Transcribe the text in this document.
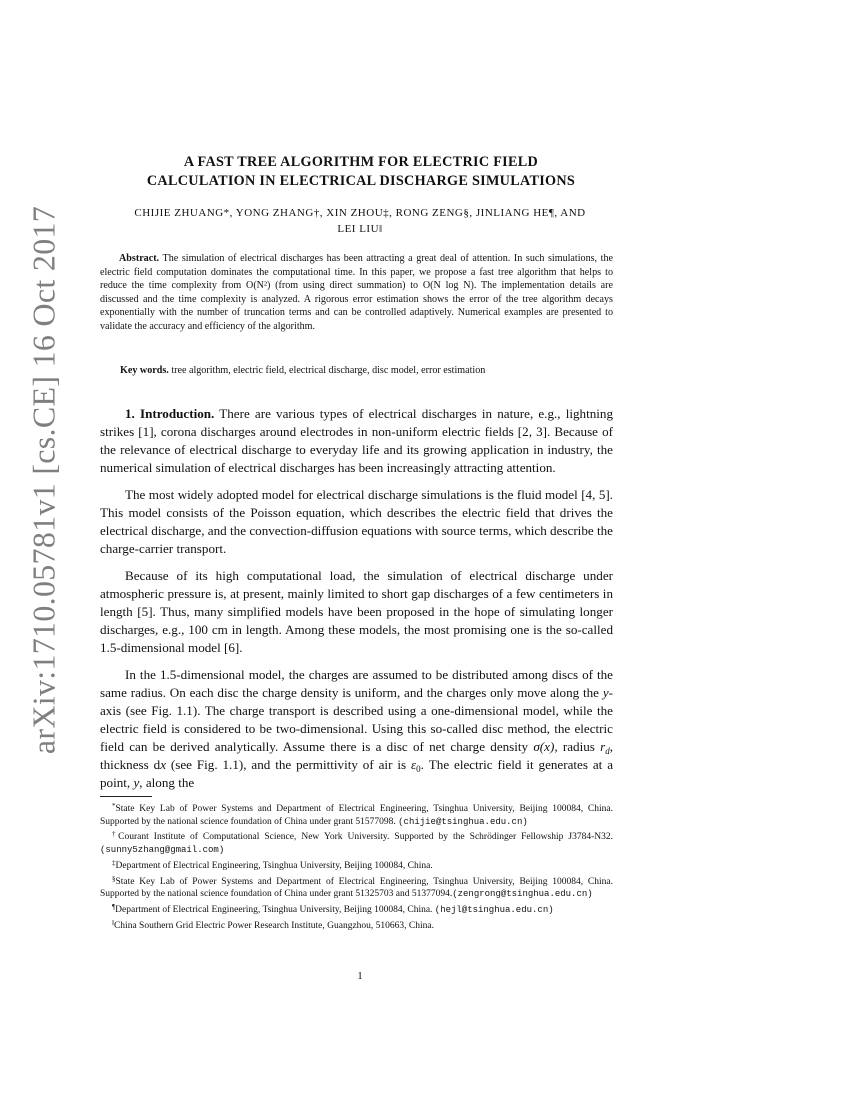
arXiv:1710.05781v1 [cs.CE] 16 Oct 2017
A FAST TREE ALGORITHM FOR ELECTRIC FIELD
CALCULATION IN ELECTRICAL DISCHARGE SIMULATIONS
CHIJIE ZHUANG*, YONG ZHANG†, XIN ZHOU‡, RONG ZENG§, JINLIANG HE¶, AND
LEI LIU‖
Abstract. The simulation of electrical discharges has been attracting a great deal of attention. In such simulations, the electric field computation dominates the computational time. In this paper, we propose a fast tree algorithm that helps to reduce the time complexity from O(N²) (from using direct summation) to O(N log N). The implementation details are discussed and the time complexity is analyzed. A rigorous error estimation shows the error of the tree algorithm decays exponentially with the number of truncation terms and can be controlled adaptively. Numerical examples are presented to validate the accuracy and efficiency of the algorithm.
Key words. tree algorithm, electric field, electrical discharge, disc model, error estimation

1. Introduction. There are various types of electrical discharges in nature, e.g., lightning strikes [1], corona discharges around electrodes in non-uniform electric fields [2, 3]. Because of the relevance of electrical discharge to everyday life and its growing application in industry, the numerical simulation of electrical discharges has been increasingly attracting attention.

The most widely adopted model for electrical discharge simulations is the fluid model [4, 5]. This model consists of the Poisson equation, which describes the electric field that drives the electrical discharge, and the convection-diffusion equations with source terms, which describe the charge-carrier transport.

Because of its high computational load, the simulation of electrical discharge under atmospheric pressure is, at present, mainly limited to short gap discharges of a few centimeters in length [5]. Thus, many simplified models have been proposed in the hope of simulating longer discharges, e.g., 100 cm in length. Among these models, the most promising one is the so-called 1.5-dimensional model [6].

In the 1.5-dimensional model, the charges are assumed to be distributed among discs of the same radius. On each disc the charge density is uniform, and the charges only move along the y-axis (see Fig. 1.1). The charge transport is described using a one-dimensional model, while the electric field is considered to be two-dimensional. Using this so-called disc method, the electric field can be derived analytically. Assume there is a disc of net charge density σ(x), radius $r_d$, thickness dx (see Fig. 1.1), and the permittivity of air is $\varepsilon_0$. The electric field it generates at a point, y, along the

*State Key Lab of Power Systems and Department of Electrical Engineering, Tsinghua University, Beijing 100084, China. Supported by the national science foundation of China under grant 51577098. (chijie@tsinghua.edu.cn)

†Courant Institute of Computational Science, New York University. Supported by the Schrödinger Fellowship J3784-N32.(sunny5zhang@gmail.com)

‡Department of Electrical Engineering, Tsinghua University, Beijing 100084, China.

§State Key Lab of Power Systems and Department of Electrical Engineering, Tsinghua University, Beijing 100084, China. Supported by the national science foundation of China under grant 51325703 and 51377094.(zengrong@tsinghua.edu.cn)

¶Department of Electrical Engineering, Tsinghua University, Beijing 100084, China. (hejl@tsinghua.edu.cn)

‖China Southern Grid Electric Power Research Institute, Guangzhou, 510663, China.

1
